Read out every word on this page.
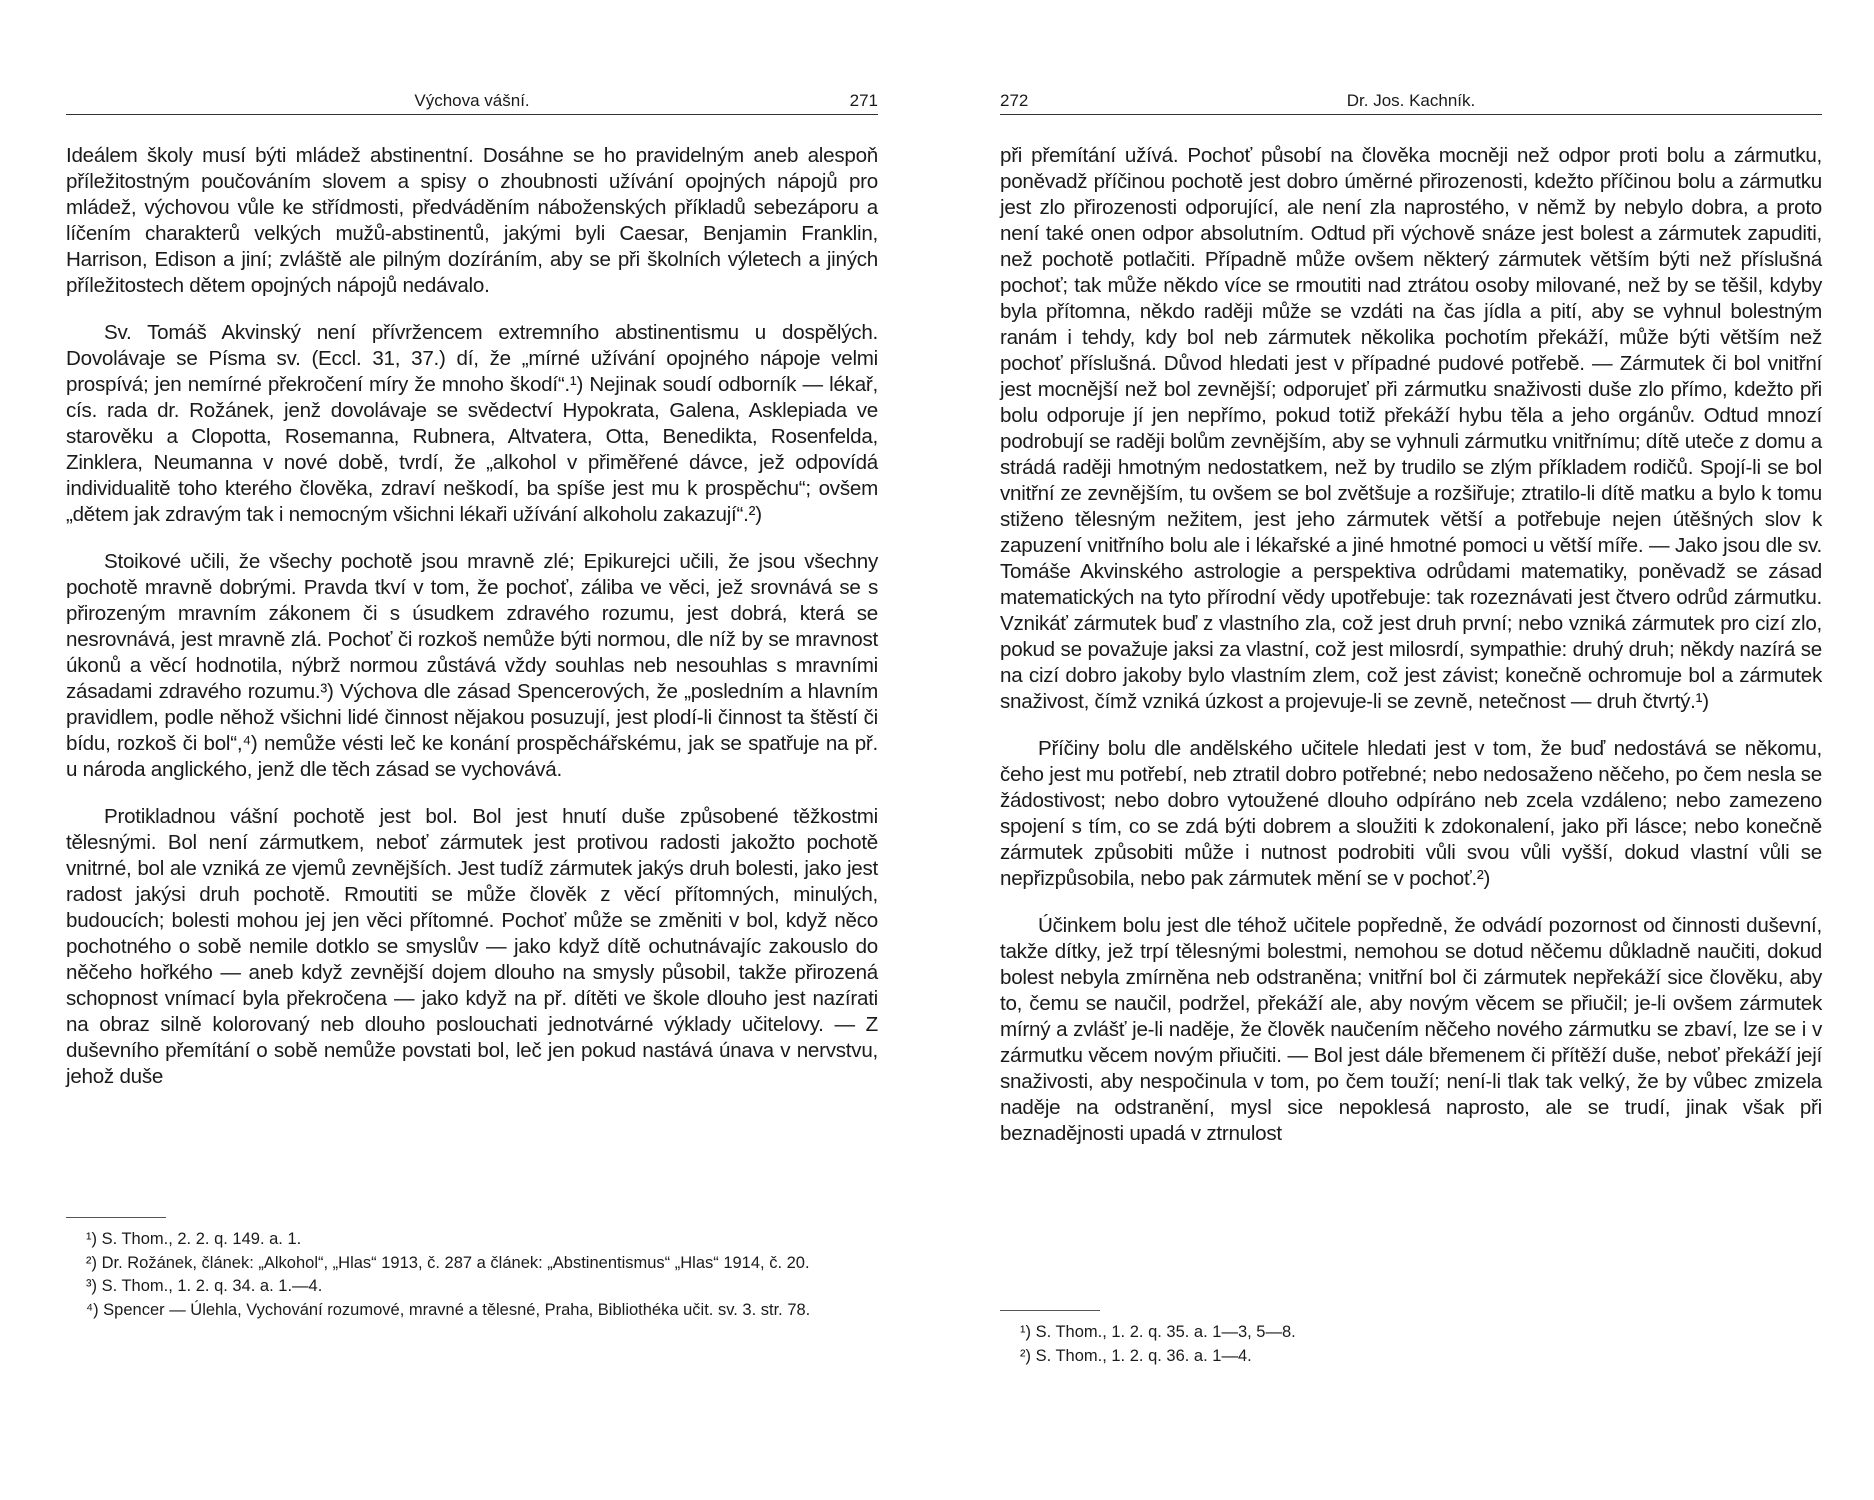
Výchova vášní.	271

Ideálem školy musí býti mládež abstinentní. Dosáhne se ho pravidelným aneb alespoň příležitostným poučováním slovem a spisy o zhoubnosti užívání opojných nápojů pro mládež, výchovou vůle ke střídmosti, předváděním náboženských příkladů sebezáporu a líčením charakterů velkých mužů-abstinentů, jakými byli Caesar, Benjamin Franklin, Harrison, Edison a jiní; zvláště ale pilným dozíráním, aby se při školních výletech a jiných příležitostech dětem opojných nápojů nedávalo.

Sv. Tomáš Akvinský není přívržencem extremního abstinentismu u dospělých. Dovolávaje se Písma sv. (Eccl. 31, 37.) dí, že „mírné užívání opojného nápoje velmi prospívá; jen nemírné překročení míry že mnoho škodí“.¹) Nejinak soudí odborník — lékař, cís. rada dr. Rožánek, jenž dovolávaje se svědectví Hypokrata, Galena, Asklepiada ve starověku a Clopotta, Rosemanna, Rubnera, Altvatera, Otta, Benedikta, Rosenfelda, Zinklera, Neumanna v nové době, tvrdí, že „alkohol v přiměřené dávce, jež odpovídá individualitě toho kterého člověka, zdraví neškodí, ba spíše jest mu k prospěchu“; ovšem „dětem jak zdravým tak i nemocným všichni lékaři užívání alkoholu zakazují“.²)

Stoikové učili, že všechy pochotě jsou mravně zlé; Epikurejci učili, že jsou všechny pochotě mravně dobrými. Pravda tkví v tom, že pochoť, záliba ve věci, jež srovnává se s přirozeným mravním zákonem či s úsudkem zdravého rozumu, jest dobrá, která se nesrovnává, jest mravně zlá. Pochoť či rozkoš nemůže býti normou, dle níž by se mravnost úkonů a věcí hodnotila, nýbrž normou zůstává vždy souhlas neb nesouhlas s mravními zásadami zdravého rozumu.³) Výchova dle zásad Spencerových, že „posledním a hlavním pravidlem, podle něhož všichni lidé činnost nějakou posuzují, jest plodí-li činnost ta štěstí či bídu, rozkoš či bol“,⁴) nemůže vésti leč ke konání prospěchářskému, jak se spatřuje na př. u národa anglického, jenž dle těch zásad se vychovává.

Protikladnou vášní pochotě jest bol. Bol jest hnutí duše způsobené těžkostmi tělesnými. Bol není zármutkem, neboť zármutek jest protivou radosti jakožto pochotě vnitrné, bol ale vzniká ze vjemů zevnějších. Jest tudíž zármutek jakýs druh bolesti, jako jest radost jakýsi druh pochotě. Rmoutiti se může člověk z věcí přítomných, minulých, budoucích; bolesti mohou jej jen věci přítomné. Pochoť může se změniti v bol, když něco pochotného o sobě nemile dotklo se smyslův — jako když dítě ochutnávajíc zakouslo do něčeho hořkého — aneb když zevnější dojem dlouho na smysly působil, takže přirozená schopnost vnímací byla překročena — jako když na př. dítěti ve škole dlouho jest nazírati na obraz silně kolorovaný neb dlouho poslouchati jednotvárné výklady učitelovy. — Z duševního přemítání o sobě nemůže povstati bol, leč jen pokud nastává únava v nervstvu, jehož duše

¹) S. Thom., 2. 2. q. 149. a. 1.

²) Dr. Rožánek, článek: „Alkohol“, „Hlas“ 1913, č. 287 a článek: „Abstinentismus“ „Hlas“ 1914, č. 20.

³) S. Thom., 1. 2. q. 34. a. 1.—4.

⁴) Spencer — Úlehla, Vychování rozumové, mravné a tělesné, Praha, Bibliothéka učit. sv. 3. str. 78.

272	Dr. Jos. Kachník.

při přemítání užívá. Pochoť působí na člověka mocněji než odpor proti bolu a zármutku, poněvadž příčinou pochotě jest dobro úměrné přirozenosti, kdežto příčinou bolu a zármutku jest zlo přirozenosti odporující, ale není zla naprostého, v němž by nebylo dobra, a proto není také onen odpor absolutním. Odtud při výchově snáze jest bolest a zármutek zapuditi, než pochotě potlačiti. Případně může ovšem některý zármutek větším býti než příslušná pochoť; tak může někdo více se rmoutiti nad ztrátou osoby milované, než by se těšil, kdyby byla přítomna, někdo raději může se vzdáti na čas jídla a pití, aby se vyhnul bolestným ranám i tehdy, kdy bol neb zármutek několika pochotím překáží, může býti větším než pochoť příslušná. Důvod hledati jest v případné pudové potřebě. — Zármutek či bol vnitřní jest mocnější než bol zevnější; odporujeť při zármutku snaživosti duše zlo přímo, kdežto při bolu odporuje jí jen nepřímo, pokud totiž překáží hybu těla a jeho orgánův. Odtud mnozí podrobují se raději bolům zevnějším, aby se vyhnuli zármutku vnitřnímu; dítě uteče z domu a strádá raději hmotným nedostatkem, než by trudilo se zlým příkladem rodičů. Spojí-li se bol vnitřní ze zevnějším, tu ovšem se bol zvětšuje a rozšiřuje; ztratilo-li dítě matku a bylo k tomu stiženo tělesným nežitem, jest jeho zármutek větší a potřebuje nejen útěšných slov k zapuzení vnitřního bolu ale i lékařské a jiné hmotné pomoci u větší míře. — Jako jsou dle sv. Tomáše Akvinského astrologie a perspektiva odrůdami matematiky, poněvadž se zásad matematických na tyto přírodní vědy upotřebuje: tak rozeznávati jest čtvero odrůd zármutku. Vznikáť zármutek buď z vlastního zla, což jest druh první; nebo vzniká zármutek pro cizí zlo, pokud se považuje jaksi za vlastní, což jest milosrdí, sympathie: druhý druh; někdy nazírá se na cizí dobro jakoby bylo vlastním zlem, což jest závist; konečně ochromuje bol a zármutek snaživost, čímž vzniká úzkost a projevuje-li se zevně, netečnost — druh čtvrtý.¹)

Příčiny bolu dle andělského učitele hledati jest v tom, že buď nedostává se někomu, čeho jest mu potřebí, neb ztratil dobro potřebné; nebo nedosaženo něčeho, po čem nesla se žádostivost; nebo dobro vytoužené dlouho odpíráno neb zcela vzdáleno; nebo zamezeno spojení s tím, co se zdá býti dobrem a sloužiti k zdokonalení, jako při lásce; nebo konečně zármutek způsobiti může i nutnost podrobiti vůli svou vůli vyšší, dokud vlastní vůli se nepřizpůsobila, nebo pak zármutek mění se v pochoť.²)

Účinkem bolu jest dle téhož učitele popředně, že odvádí pozornost od činnosti duševní, takže dítky, jež trpí tělesnými bolestmi, nemohou se dotud něčemu důkladně naučiti, dokud bolest nebyla zmírněna neb odstraněna; vnitřní bol či zármutek nepřekáží sice člověku, aby to, čemu se naučil, podržel, překáží ale, aby novým věcem se přiučil; je-li ovšem zármutek mírný a zvlášť je-li naděje, že člověk naučením něčeho nového zármutku se zbaví, lze se i v zármutku věcem novým přiučiti. — Bol jest dále břemenem či přítěží duše, neboť překáží její snaživosti, aby nespočinula v tom, po čem touží; není-li tlak tak velký, že by vůbec zmizela naděje na odstranění, mysl sice nepoklesá naprosto, ale se trudí, jinak však při beznadějnosti upadá v ztrnulost

¹) S. Thom., 1. 2. q. 35. a. 1—3, 5—8.

²) S. Thom., 1. 2. q. 36. a. 1—4.
